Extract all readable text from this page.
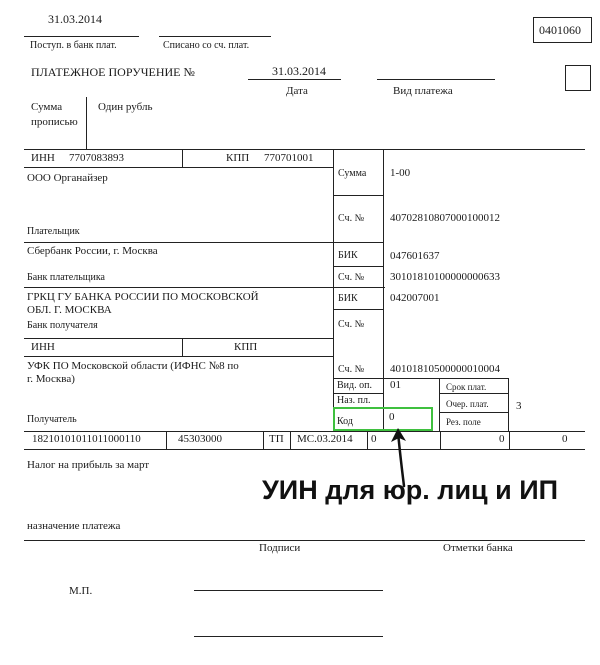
31.03.2014
Поступ. в банк плат.	Списано со сч. плат.
0401060
ПЛАТЕЖНОЕ ПОРУЧЕНИЕ №	31.03.2014
Дата	Вид платежа
Сумма
прописью
Один рубль
ИНН 7707083893	КПП 770701001
ООО Органайзер
Плательщик
Сбербанк России, г. Москва
Банк плательщика
ГРКЦ ГУ БАНКА РОССИИ ПО МОСКОВСКОЙ
ОБЛ. Г. МОСКВА
Банк получателя
ИНН	КПП
УФК ПО Московской области (ИФНС №8 по
г. Москва)
Получатель
Сумма 1-00
Сч. № 40702810807000100012
БИК	047601637
Сч. № 30101810100000000633
БИК	042007001
Сч. №
Сч. № 40101810500000010004
Вид. оп. 01
Наз. пл.
Код	0
Срок плат.
Очер. плат. 3
Рез. поле
18210101011011000110	45303000	ТП МС.03.2014 0	0	0
Налог на прибыль за март
назначение платежа
УИН для юр. лиц и ИП
Подписи	Отметки банка
М.П.
